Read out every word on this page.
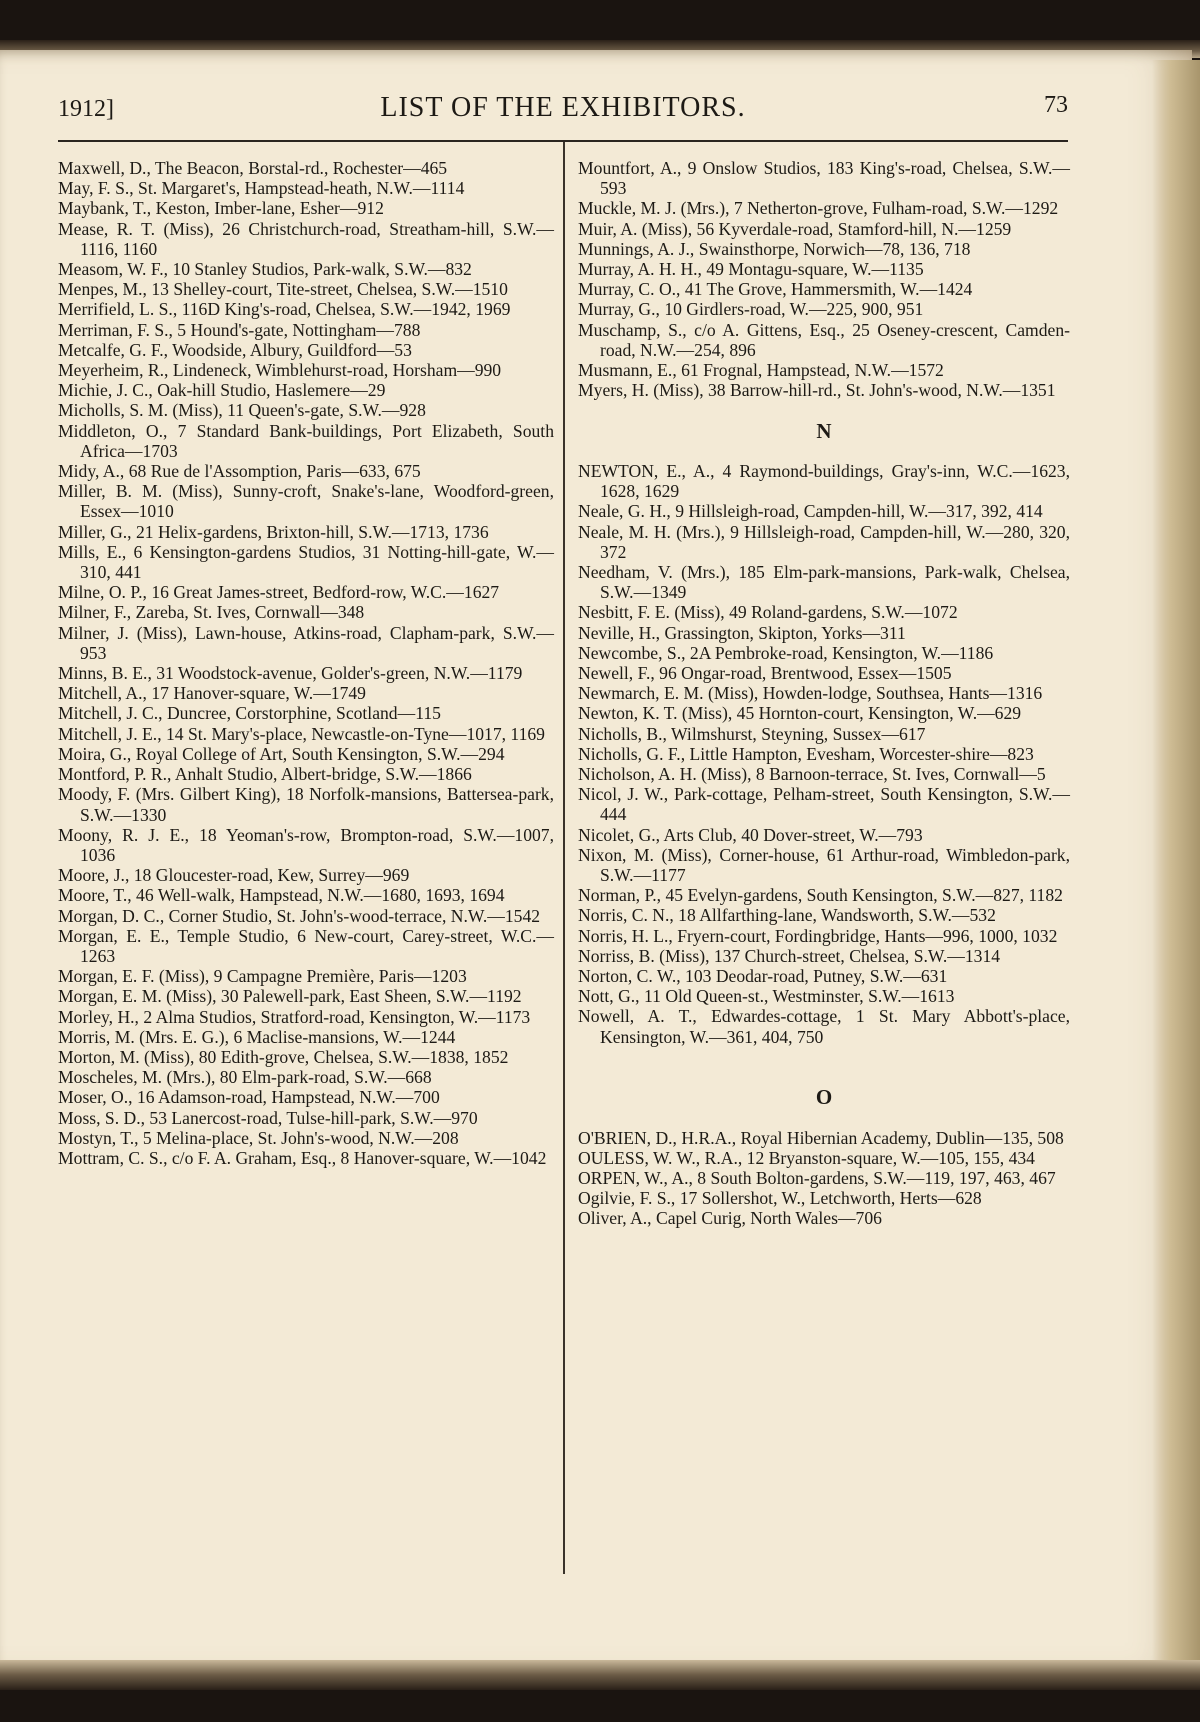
1912]	LIST OF THE EXHIBITORS.	73

Maxwell, D., The Beacon, Borstal-rd., Rochester—465

May, F. S., St. Margaret's, Hampstead-heath, N.W.—1114

Maybank, T., Keston, Imber-lane, Esher—912

Mease, R. T. (Miss), 26 Christchurch-road, Streatham-hill, S.W.—1116, 1160

Measom, W. F., 10 Stanley Studios, Park-walk, S.W.—832

Menpes, M., 13 Shelley-court, Tite-street, Chelsea, S.W.—1510

Merrifield, L. S., 116D King's-road, Chelsea, S.W.—1942, 1969

Merriman, F. S., 5 Hound's-gate, Nottingham—788

Metcalfe, G. F., Woodside, Albury, Guildford—53

Meyerheim, R., Lindeneck, Wimblehurst-road, Horsham—990

Michie, J. C., Oak-hill Studio, Haslemere—29

Micholls, S. M. (Miss), 11 Queen's-gate, S.W.—928

Middleton, O., 7 Standard Bank-buildings, Port Elizabeth, South Africa—1703

Midy, A., 68 Rue de l'Assomption, Paris—633, 675

Miller, B. M. (Miss), Sunny-croft, Snake's-lane, Woodford-green, Essex—1010

Miller, G., 21 Helix-gardens, Brixton-hill, S.W.—1713, 1736

Mills, E., 6 Kensington-gardens Studios, 31 Notting-hill-gate, W.—310, 441

Milne, O. P., 16 Great James-street, Bedford-row, W.C.—1627

Milner, F., Zareba, St. Ives, Cornwall—348

Milner, J. (Miss), Lawn-house, Atkins-road, Clapham-park, S.W.—953

Minns, B. E., 31 Woodstock-avenue, Golder's-green, N.W.—1179

Mitchell, A., 17 Hanover-square, W.—1749

Mitchell, J. C., Duncree, Corstorphine, Scotland—115

Mitchell, J. E., 14 St. Mary's-place, Newcastle-on-Tyne—1017, 1169

Moira, G., Royal College of Art, South Kensington, S.W.—294

Montford, P. R., Anhalt Studio, Albert-bridge, S.W.—1866

Moody, F. (Mrs. Gilbert King), 18 Norfolk-mansions, Battersea-park, S.W.—1330

Moony, R. J. E., 18 Yeoman's-row, Brompton-road, S.W.—1007, 1036

Moore, J., 18 Gloucester-road, Kew, Surrey—969

Moore, T., 46 Well-walk, Hampstead, N.W.—1680, 1693, 1694

Morgan, D. C., Corner Studio, St. John's-wood-terrace, N.W.—1542

Morgan, E. E., Temple Studio, 6 New-court, Carey-street, W.C.—1263

Morgan, E. F. (Miss), 9 Campagne Première, Paris—1203

Morgan, E. M. (Miss), 30 Palewell-park, East Sheen, S.W.—1192

Morley, H., 2 Alma Studios, Stratford-road, Kensington, W.—1173

Morris, M. (Mrs. E. G.), 6 Maclise-mansions, W.—1244

Morton, M. (Miss), 80 Edith-grove, Chelsea, S.W.—1838, 1852

Moscheles, M. (Mrs.), 80 Elm-park-road, S.W.—668

Moser, O., 16 Adamson-road, Hampstead, N.W.—700

Moss, S. D., 53 Lanercost-road, Tulse-hill-park, S.W.—970

Mostyn, T., 5 Melina-place, St. John's-wood, N.W.—208

Mottram, C. S., c/o F. A. Graham, Esq., 8 Hanover-square, W.—1042

Mountfort, A., 9 Onslow Studios, 183 King's-road, Chelsea, S.W.—593

Muckle, M. J. (Mrs.), 7 Netherton-grove, Fulham-road, S.W.—1292

Muir, A. (Miss), 56 Kyverdale-road, Stamford-hill, N.—1259

Munnings, A. J., Swainsthorpe, Norwich—78, 136, 718

Murray, A. H. H., 49 Montagu-square, W.—1135

Murray, C. O., 41 The Grove, Hammersmith, W.—1424

Murray, G., 10 Girdlers-road, W.—225, 900, 951

Muschamp, S., c/o A. Gittens, Esq., 25 Oseney-crescent, Camden-road, N.W.—254, 896

Musmann, E., 61 Frognal, Hampstead, N.W.—1572

Myers, H. (Miss), 38 Barrow-hill-rd., St. John's-wood, N.W.—1351

N

NEWTON, E., A., 4 Raymond-buildings, Gray's-inn, W.C.—1623, 1628, 1629

Neale, G. H., 9 Hillsleigh-road, Campden-hill, W.—317, 392, 414

Neale, M. H. (Mrs.), 9 Hillsleigh-road, Campden-hill, W.—280, 320, 372

Needham, V. (Mrs.), 185 Elm-park-mansions, Park-walk, Chelsea, S.W.—1349

Nesbitt, F. E. (Miss), 49 Roland-gardens, S.W.—1072

Neville, H., Grassington, Skipton, Yorks—311

Newcombe, S., 2A Pembroke-road, Kensington, W.—1186

Newell, F., 96 Ongar-road, Brentwood, Essex—1505

Newmarch, E. M. (Miss), Howden-lodge, Southsea, Hants—1316

Newton, K. T. (Miss), 45 Hornton-court, Kensington, W.—629

Nicholls, B., Wilmshurst, Steyning, Sussex—617

Nicholls, G. F., Little Hampton, Evesham, Worcester-shire—823

Nicholson, A. H. (Miss), 8 Barnoon-terrace, St. Ives, Cornwall—5

Nicol, J. W., Park-cottage, Pelham-street, South Kensington, S.W.—444

Nicolet, G., Arts Club, 40 Dover-street, W.—793

Nixon, M. (Miss), Corner-house, 61 Arthur-road, Wimbledon-park, S.W.—1177

Norman, P., 45 Evelyn-gardens, South Kensington, S.W.—827, 1182

Norris, C. N., 18 Allfarthing-lane, Wandsworth, S.W.—532

Norris, H. L., Fryern-court, Fordingbridge, Hants—996, 1000, 1032

Norriss, B. (Miss), 137 Church-street, Chelsea, S.W.—1314

Norton, C. W., 103 Deodar-road, Putney, S.W.—631

Nott, G., 11 Old Queen-st., Westminster, S.W.—1613

Nowell, A. T., Edwardes-cottage, 1 St. Mary Abbott's-place, Kensington, W.—361, 404, 750

O

O'BRIEN, D., H.R.A., Royal Hibernian Academy, Dublin—135, 508

OULESS, W. W., R.A., 12 Bryanston-square, W.—105, 155, 434

ORPEN, W., A., 8 South Bolton-gardens, S.W.—119, 197, 463, 467

Ogilvie, F. S., 17 Sollershot, W., Letchworth, Herts—628

Oliver, A., Capel Curig, North Wales—706
